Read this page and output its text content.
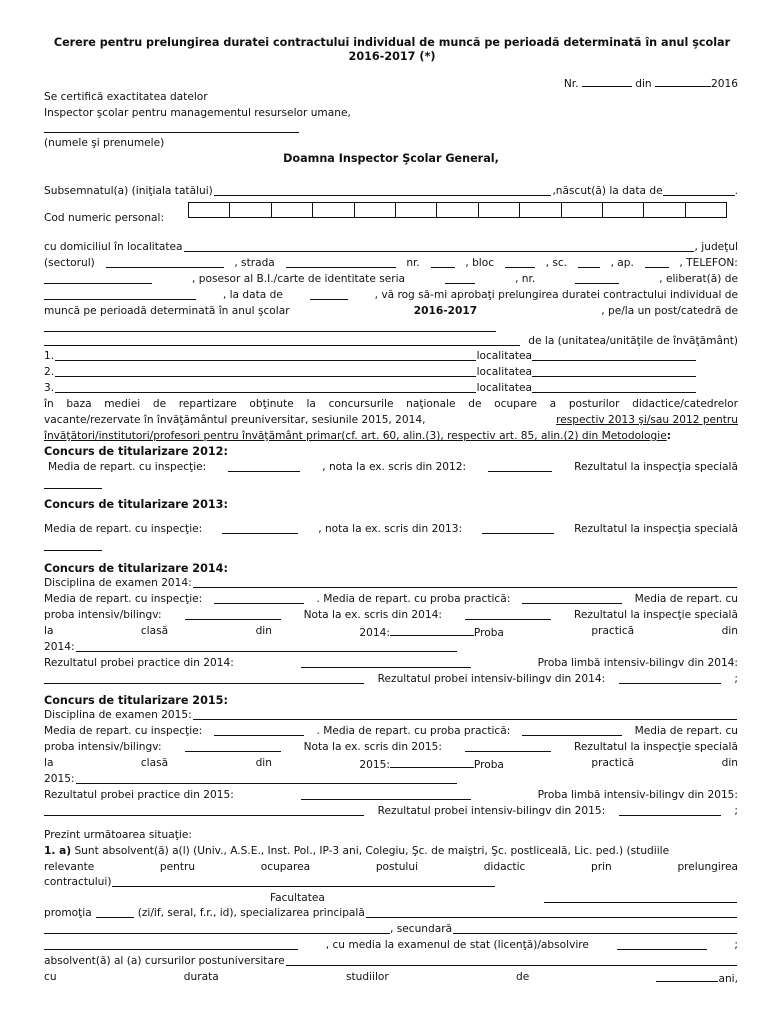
Cerere pentru prelungirea duratei contractului individual de muncă pe perioadă determinată în anul şcolar
2016-2017 (*)
Nr.	din	2016
Se certifică exactitatea datelor
Inspector şcolar pentru managementul resurselor umane,
(numele şi prenumele)
Doamna Inspector Şcolar General,
Subsemnatul(a) (iniţiala tatălui)	,născut(ă) la data de	.
Cod numeric personal:
cu domiciliul în localitatea	, judeţul
(sectorul)	, strada	nr.	, bloc	, sc.	, ap.	, TELEFON:
, posesor al B.I./carte de identitate seria	, nr.	, eliberat(ă) de
, la data de	, vă rog să-mi aprobaţi prelungirea duratei contractului individual de
muncă pe perioadă determinată în anul şcolar	2016-2017	, pe/la un post/catedră de
de la (unitatea/unităţile de învăţământ)
1.	localitatea
2.	localitatea
3.	localitatea
în baza mediei de repartizare obţinute la concursurile naţionale de ocupare a posturilor didactice/catedrelor
vacante/rezervate în învăţământul preuniversitar, sesiunile 2015, 2014,	respectiv 2013 şi/sau 2012 pentru
învăţători/institutori/profesori pentru învăţământ primar(cf. art. 60, alin.(3), respectiv art. 85, alin.(2) din Metodologie:
Concurs de titularizare 2012:
Media de repart. cu inspecţie:	, nota la ex. scris din 2012:	Rezultatul la inspecţia specială
Concurs de titularizare 2013:
Media de repart. cu inspecţie:	, nota la ex. scris din 2013:	Rezultatul la inspecţia specială
Concurs de titularizare 2014:
Disciplina de examen 2014:
Media de repart. cu inspecţie:	. Media de repart. cu proba practică:	Media de repart. cu
proba intensiv/bilingv:	Nota la ex. scris din 2014:	Rezultatul la inspecţie specială
la	clasă	din	2014:	Proba	practică	din
2014:
Rezultatul probei practice din 2014:	Proba limbă intensiv-bilingv din 2014:
Rezultatul probei intensiv-bilingv din 2014:	;
Concurs de titularizare 2015:
Disciplina de examen 2015:
Media de repart. cu inspecţie:	. Media de repart. cu proba practică:	Media de repart. cu
proba intensiv/bilingv:	Nota la ex. scris din 2015:	Rezultatul la inspecţie specială
la	clasă	din	2015:	Proba	practică	din
2015:
Rezultatul probei practice din 2015:	Proba limbă intensiv-bilingv din 2015:
Rezultatul probei intensiv-bilingv din 2015:	;
Prezint următoarea situaţie:
1. a) Sunt absolvent(ă) a(l) (Univ., A.S.E., Inst. Pol., IP-3 ani, Colegiu, Şc. de maiştri, Şc. postliceală, Lic. ped.) (studiile
relevante	pentru	ocuparea	postului	didactic	prin	prelungirea
contractului)
Facultatea
promoţia	(zi/if, seral, f.r., id), specializarea principală
, secundară
, cu media la examenul de stat (licenţă)/absolvire	;
absolvent(ă) al (a) cursurilor postuniversitare
cu	durata	studiilor	de	ani,
